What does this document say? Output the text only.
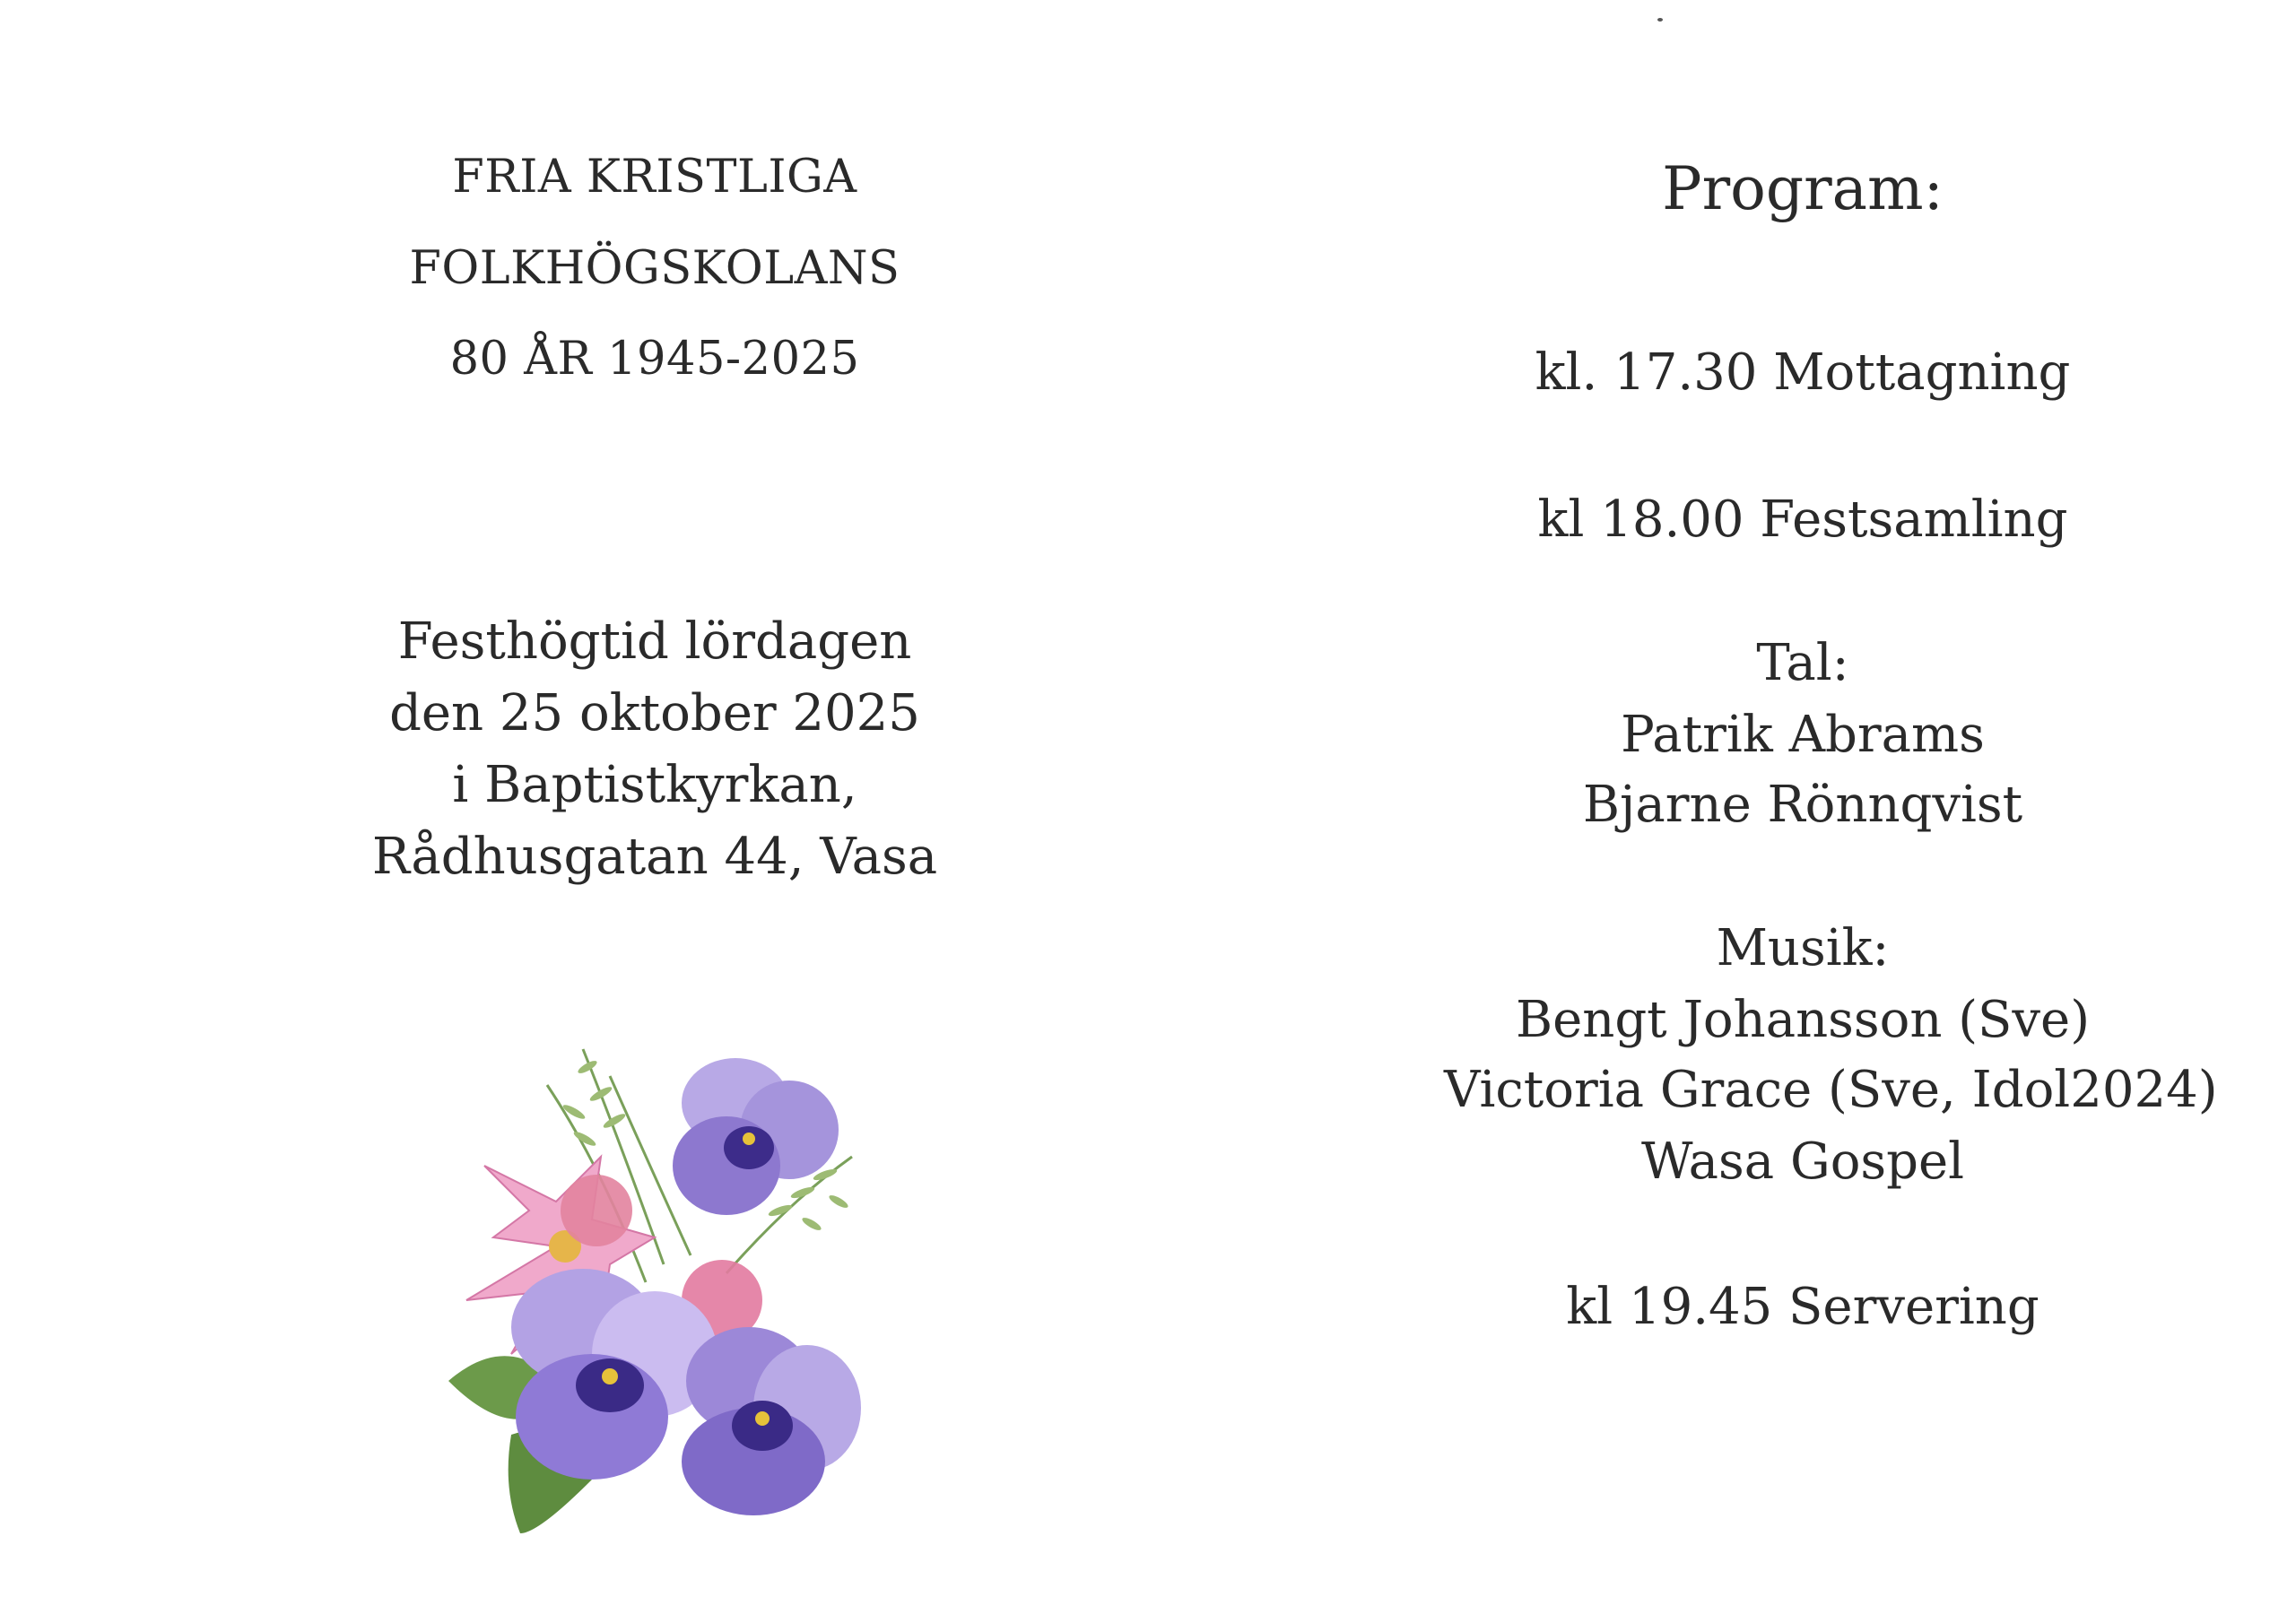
FRIA KRISTLIGA
FOLKHÖGSKOLANS
80 ÅR 1945-2025
Festhögtid lördagen
den 25 oktober 2025
i Baptistkyrkan,
Rådhusgatan 44, Vasa
Program:
kl. 17.30 Mottagning
kl 18.00 Festsamling
Tal:
Patrik Abrams
Bjarne Rönnqvist
Musik:
Bengt Johansson (Sve)
Victoria Grace (Sve, Idol2024)
Wasa Gospel
kl 19.45 Servering
